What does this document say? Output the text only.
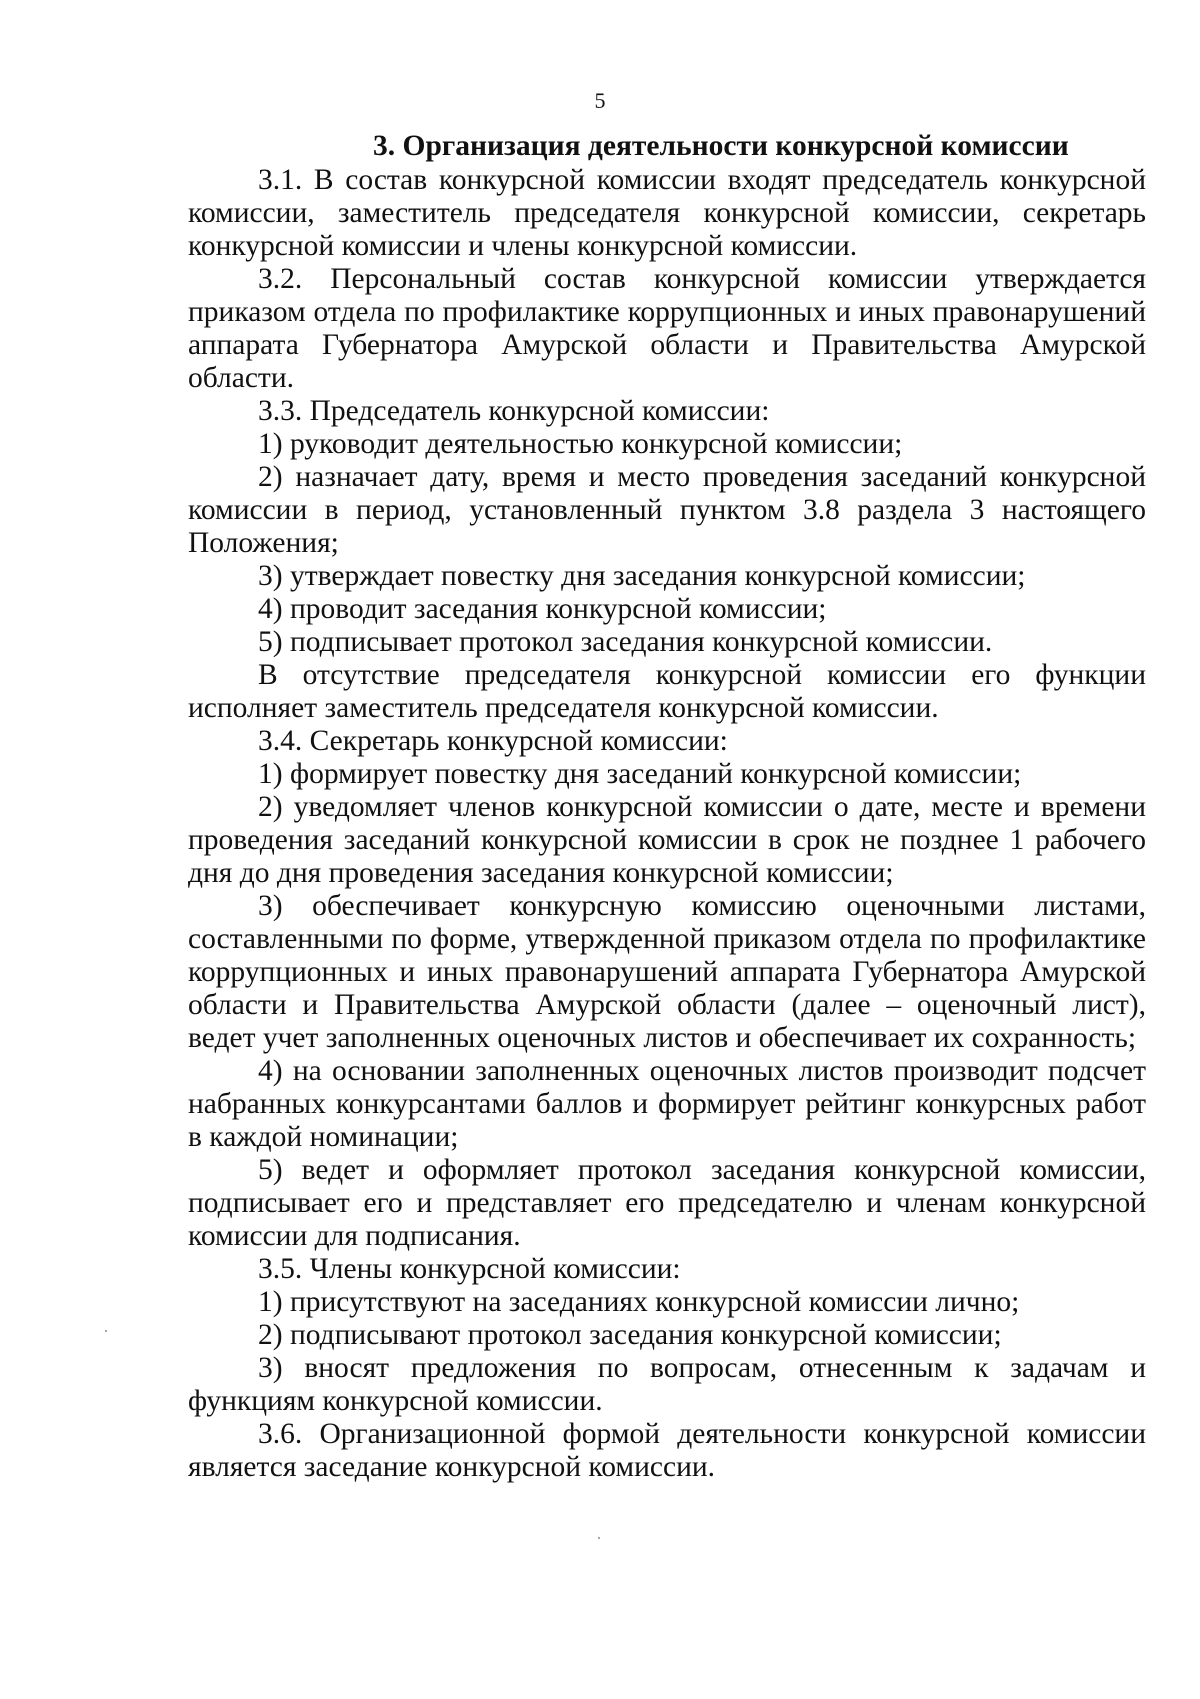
5
3. Организация деятельности конкурсной комиссии

3.1. В состав конкурсной комиссии входят председатель конкурсной комиссии, заместитель председателя конкурсной комиссии, секретарь конкурсной комиссии и члены конкурсной комиссии.

3.2. Персональный состав конкурсной комиссии утверждается приказом отдела по профилактике коррупционных и иных правонарушений аппарата Губернатора Амурской области и Правительства Амурской области.

3.3. Председатель конкурсной комиссии:

1) руководит деятельностью конкурсной комиссии;

2) назначает дату, время и место проведения заседаний конкурсной комиссии в период, установленный пунктом 3.8 раздела 3 настоящего Положения;

3) утверждает повестку дня заседания конкурсной комиссии;

4) проводит заседания конкурсной комиссии;

5) подписывает протокол заседания конкурсной комиссии.

В отсутствие председателя конкурсной комиссии его функции исполняет заместитель председателя конкурсной комиссии.

3.4. Секретарь конкурсной комиссии:

1) формирует повестку дня заседаний конкурсной комиссии;

2) уведомляет членов конкурсной комиссии о дате, месте и времени проведения заседаний конкурсной комиссии в срок не позднее 1 рабочего дня до дня проведения заседания конкурсной комиссии;

3) обеспечивает конкурсную комиссию оценочными листами, составленными по форме, утвержденной приказом отдела по профилактике коррупционных и иных правонарушений аппарата Губернатора Амурской области и Правительства Амурской области (далее – оценочный лист), ведет учет заполненных оценочных листов и обеспечивает их сохранность;

4) на основании заполненных оценочных листов производит подсчет набранных конкурсантами баллов и формирует рейтинг конкурсных работ в каждой номинации;

5) ведет и оформляет протокол заседания конкурсной комиссии, подписывает его и представляет его председателю и членам конкурсной комиссии для подписания.

3.5. Члены конкурсной комиссии:

1) присутствуют на заседаниях конкурсной комиссии лично;

2) подписывают протокол заседания конкурсной комиссии;

3) вносят предложения по вопросам, отнесенным к задачам и функциям конкурсной комиссии.

3.6. Организационной формой деятельности конкурсной комиссии является заседание конкурсной комиссии.
